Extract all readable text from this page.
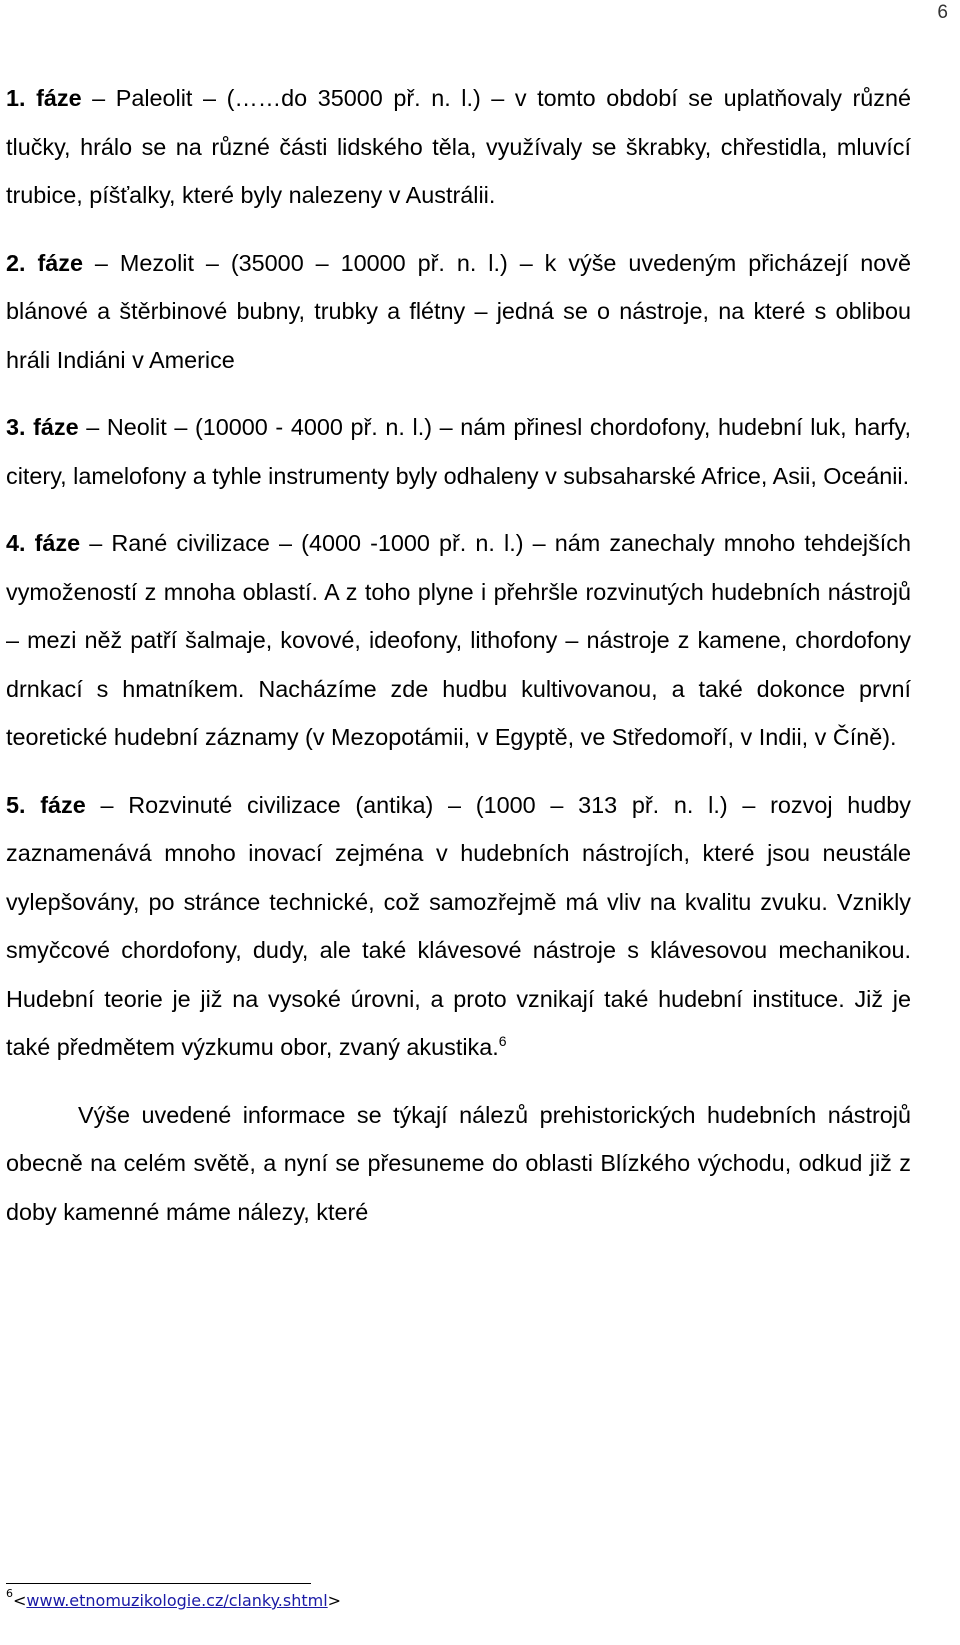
6

1. fáze – Paleolit – (……do 35000 př. n. l.) – v tomto období se uplatňovaly různé tlučky, hrálo se na různé části lidského těla, využívaly se škrabky, chřestidla, mluvící trubice, píšťalky, které byly nalezeny v Austrálii.

2. fáze – Mezolit – (35000 – 10000 př. n. l.) – k výše uvedeným přicházejí nově blánové a štěrbinové bubny, trubky a flétny – jedná se o nástroje, na které s oblibou hráli Indiáni v Americe

3. fáze – Neolit – (10000 - 4000 př. n. l.) – nám přinesl chordofony, hudební luk, harfy, citery, lamelofony a tyhle instrumenty byly odhaleny v subsaharské Africe, Asii, Oceánii.

4. fáze – Rané civilizace – (4000 -1000 př. n. l.) – nám zanechaly mnoho tehdejších vymožeností z mnoha oblastí. A z toho plyne i přehršle rozvinutých hudebních nástrojů – mezi něž patří šalmaje, kovové, ideofony, lithofony – nástroje z kamene, chordofony drnkací s hmatníkem. Nacházíme zde hudbu kultivovanou, a také dokonce první teoretické hudební záznamy (v Mezopotámii, v Egyptě, ve Středomoří, v Indii, v Číně).

5. fáze – Rozvinuté civilizace (antika) – (1000 – 313 př. n. l.) – rozvoj hudby zaznamenává mnoho inovací zejména v hudebních nástrojích, které jsou neustále vylepšovány, po stránce technické, což samozřejmě má vliv na kvalitu zvuku. Vznikly smyčcové chordofony, dudy, ale také klávesové nástroje s klávesovou mechanikou. Hudební teorie je již na vysoké úrovni, a proto vznikají také hudební instituce. Již je také předmětem výzkumu obor, zvaný akustika.$^6$

Výše uvedené informace se týkají nálezů prehistorických hudebních nástrojů obecně na celém světě, a nyní se přesuneme do oblasti Blízkého východu, odkud již z doby kamenné máme nálezy, které

$^6$<www.etnomuzikologie.cz/clanky.shtml>
